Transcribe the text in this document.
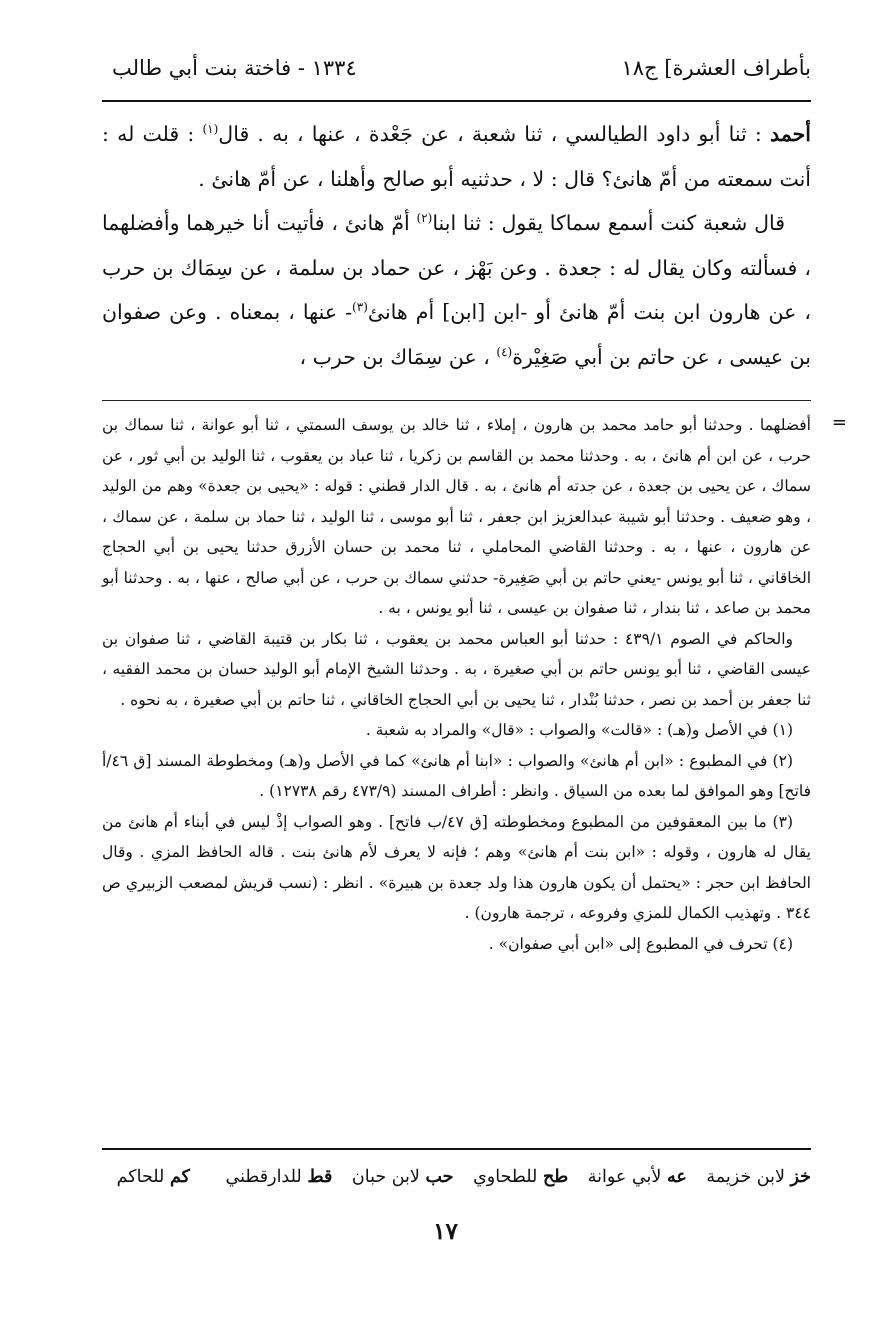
بأطراف العشرة] ج١٨
١٣٣٤ - فاختة بنت أبي طالب

أحمد : ثنا أبو داود الطيالسي ، ثنا شعبة ، عن جَعْدة ، عنها ، به . قال$^{(١)}$ : قلت له : أنت سمعته من أمّ هانئ؟ قال : لا ، حدثنيه أبو صالح وأهلنا ، عن أمّ هانئ .

قال شعبة كنت أسمع سماكا يقول : ثنا ابنا$^{(٢)}$ أمّ هانئ ، فأتيت أنا خيرهما وأفضلهما ، فسألته وكان يقال له : جعدة . وعن بَهْز ، عن حماد بن سلمة ، عن سِمَاك بن حرب ، عن هارون ابن بنت أمّ هانئ أو -ابن [ابن] أم هانئ$^{(٣)}$- عنها ، بمعناه . وعن صفوان بن عيسى ، عن حاتم بن أبي صَغِيْرة$^{(٤)}$ ، عن سِمَاك بن حرب ،

=

أفضلهما . وحدثنا أبو حامد محمد بن هارون ، إملاء ، ثنا خالد بن يوسف السمتي ، ثنا أبو عوانة ، ثنا سماك بن حرب ، عن ابن أم هانئ ، به . وحدثنا محمد بن القاسم بن زكريا ، ثنا عباد بن يعقوب ، ثنا الوليد بن أبي ثور ، عن سماك ، عن يحيى بن جعدة ، عن جدته أم هانئ ، به . قال الدار قطني : قوله : «يحيى بن جعدة» وهم من الوليد ، وهو ضعيف . وحدثنا أبو شيبة عبدالعزيز ابن جعفر ، ثنا أبو موسى ، ثنا الوليد ، ثنا حماد بن سلمة ، عن سماك ، عن هارون ، عنها ، به . وحدثنا القاضي المحاملي ، ثنا محمد بن حسان الأزرق حدثنا يحيى بن أبي الحجاج الخاقاني ، ثنا أبو يونس -يعني حاتم بن أبي صَغِيرة- حدثني سماك بن حرب ، عن أبي صالح ، عنها ، به . وحدثنا أبو محمد بن صاعد ، ثنا بندار ، ثنا صفوان بن عيسى ، ثنا أبو يونس ، به .

والحاكم في الصوم ٤٣٩/١ : حدثنا أبو العباس محمد بن يعقوب ، ثنا بكار بن قتيبة القاضي ، ثنا صفوان بن عيسى القاضي ، ثنا أبو يونس حاتم بن أبي صغيرة ، به . وحدثنا الشيخ الإمام أبو الوليد حسان بن محمد الفقيه ، ثنا جعفر بن أحمد بن نصر ، حدثنا بُنْدار ، ثنا يحيى بن أبي الحجاج الخاقاني ، ثنا حاتم بن أبي صغيرة ، به نحوه .

(١) في الأصل و(هـ) : «قالت» والصواب : «قال» والمراد به شعبة .

(٢) في المطبوع : «ابن أم هانئ» والصواب : «ابنا أم هانئ» كما في الأصل و(هـ) ومخطوطة المسند [ق ٤٦/أ فاتح] وهو الموافق لما بعده من السياق . وانظر : أطراف المسند (٤٧٣/٩ رقم ١٢٧٣٨) .

(٣) ما بين المعقوفين من المطبوع ومخطوطته [ق ٤٧/ب فاتح] . وهو الصواب إذْ ليس في أبناء أم هانئ من يقال له هارون ، وقوله : «ابن بنت أم هانئ» وهم ؛ فإنه لا يعرف لأم هانئ بنت . قاله الحافظ المزي . وقال الحافظ ابن حجر : «يحتمل أن يكون هارون هذا ولد جعدة بن هبيرة» . انظر : (نسب قريش لمصعب الزبيري ص ٣٤٤ . وتهذيب الكمال للمزي وفروعه ، ترجمة هارون) .

(٤) تحرف في المطبوع إلى «ابن أبي صفوان» .

خز لابن خزيمة عه لأبي عوانة طح للطحاوي حب لابن حبان قط للدارقطني كم للحاكم
١٧
